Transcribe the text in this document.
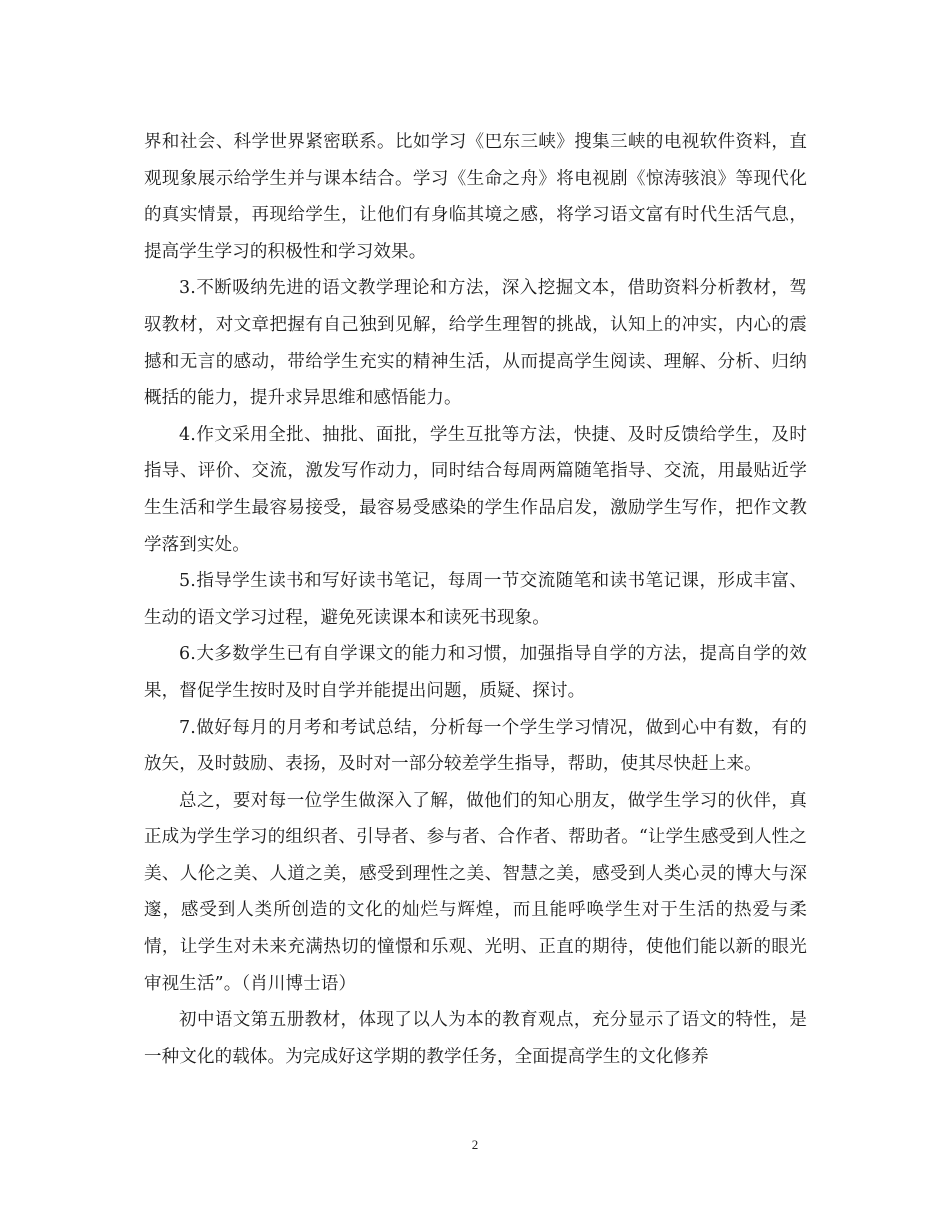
界和社会、科学世界紧密联系。比如学习《巴东三峡》搜集三峡的电视软件资料，直观现象展示给学生并与课本结合。学习《生命之舟》将电视剧《惊涛骇浪》等现代化的真实情景，再现给学生，让他们有身临其境之感，将学习语文富有时代生活气息，提高学生学习的积极性和学习效果。

3.不断吸纳先进的语文教学理论和方法，深入挖掘文本，借助资料分析教材，驾驭教材，对文章把握有自己独到见解，给学生理智的挑战，认知上的冲实，内心的震撼和无言的感动，带给学生充实的精神生活，从而提高学生阅读、理解、分析、归纳概括的能力，提升求异思维和感悟能力。

4.作文采用全批、抽批、面批，学生互批等方法，快捷、及时反馈给学生，及时指导、评价、交流，激发写作动力，同时结合每周两篇随笔指导、交流，用最贴近学生生活和学生最容易接受，最容易受感染的学生作品启发，激励学生写作，把作文教学落到实处。

5.指导学生读书和写好读书笔记，每周一节交流随笔和读书笔记课，形成丰富、生动的语文学习过程，避免死读课本和读死书现象。

6.大多数学生已有自学课文的能力和习惯，加强指导自学的方法，提高自学的效果，督促学生按时及时自学并能提出问题，质疑、探讨。

7.做好每月的月考和考试总结，分析每一个学生学习情况，做到心中有数，有的放矢，及时鼓励、表扬，及时对一部分较差学生指导，帮助，使其尽快赶上来。

总之，要对每一位学生做深入了解，做他们的知心朋友，做学生学习的伙伴，真正成为学生学习的组织者、引导者、参与者、合作者、帮助者。“让学生感受到人性之美、人伦之美、人道之美，感受到理性之美、智慧之美，感受到人类心灵的博大与深邃，感受到人类所创造的文化的灿烂与辉煌，而且能呼唤学生对于生活的热爱与柔情，让学生对未来充满热切的憧憬和乐观、光明、正直的期待，使他们能以新的眼光审视生活”。（肖川博士语）

初中语文第五册教材，体现了以人为本的教育观点，充分显示了语文的特性，是一种文化的载体。为完成好这学期的教学任务，全面提高学生的文化修养

2
